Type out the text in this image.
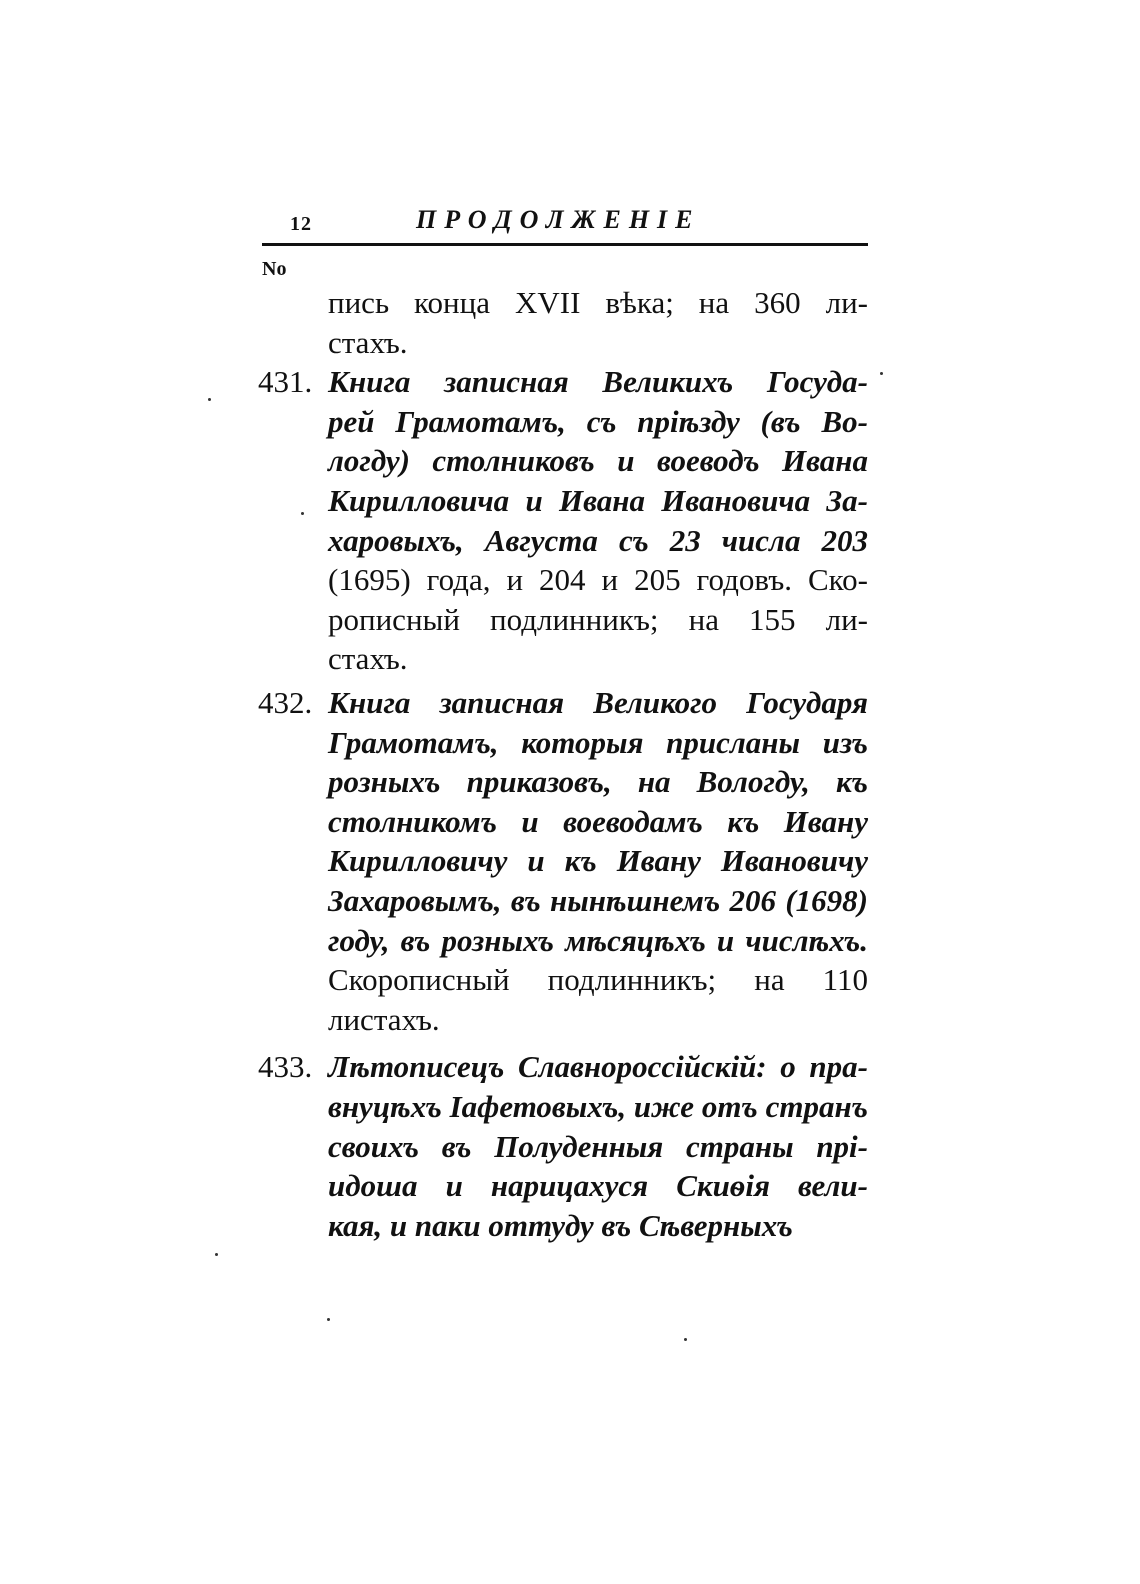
12	ПРОДОЛЖЕНІЕ
No
пись конца XVII вѣка; на 360 ли-
стахъ.
431. Книга записная Великихъ Госуда-
рей Грамотамъ, съ пріѣзду (въ Во-
логду) столниковъ и воеводъ Ивана
Кирилловича и Ивана Ивановича За-
харовыхъ, Августа съ 23 числа 203
(1695) года, и 204 и 205 годовъ. Ско-
рописный подлинникъ; на 155 ли-
стахъ.
432. Книга записная Великого Государя
Грамотамъ, которыя присланы изъ
розныхъ приказовъ, на Вологду, къ
столникомъ и воеводамъ къ Ивану
Кирилловичу и къ Ивану Ивановичу
Захаровымъ, въ нынѣшнемъ 206 (1698)
году, въ розныхъ мѣсяцѣхъ и числѣхъ.
Скорописный подлинникъ; на 110
листахъ.
433. Лѣтописецъ Славнороссійскій: о пра-
внуцѣхъ Іафетовыхъ, иже отъ странъ
своихъ въ Полуденныя страны прі-
идоша и нарицахуся Скиѳія вели-
кая, и паки оттуду въ Сѣверныхъ
